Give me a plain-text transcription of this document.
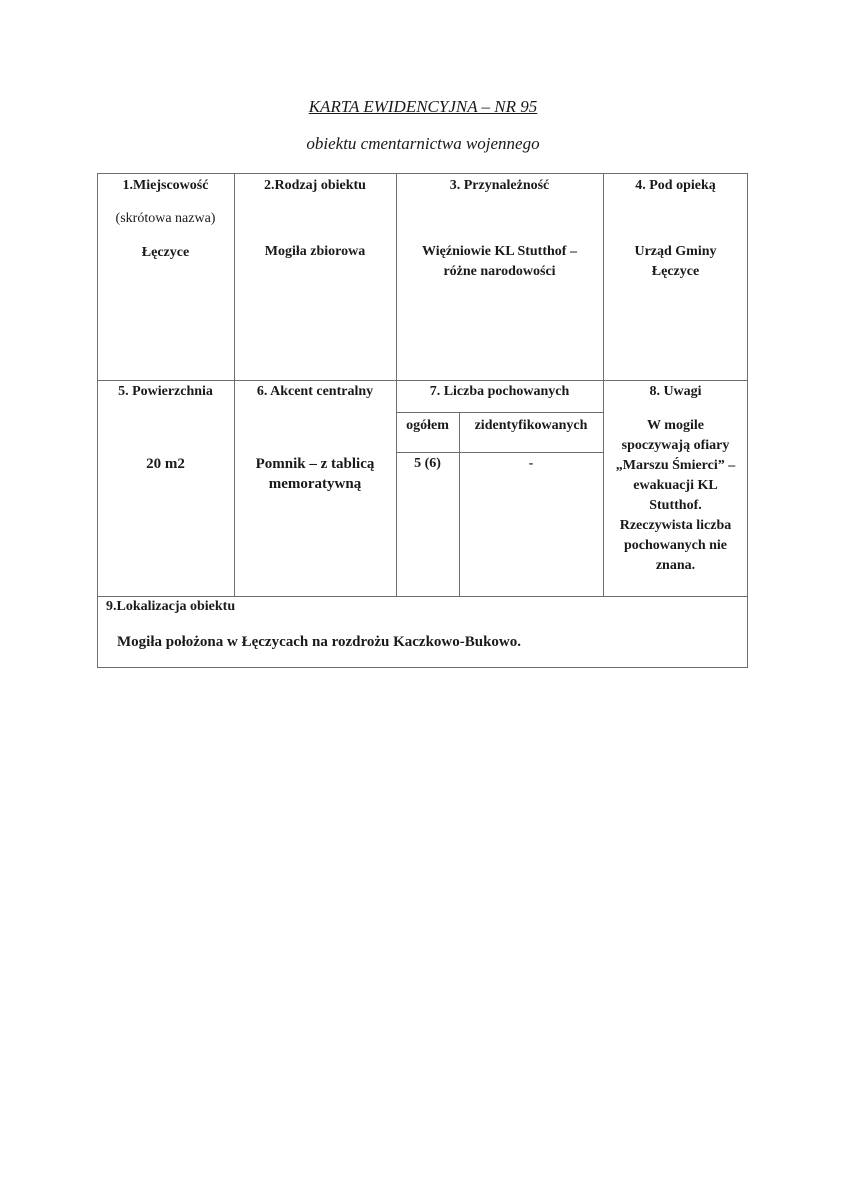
KARTA EWIDENCYJNA – NR 95
obiektu cmentarnictwa wojennego
1.Miejscowość
(skrótowa nazwa)
Łęczyce
2.Rodzaj obiektu
Mogiła zbiorowa
3. Przynależność
Więźniowie KL Stutthof –
różne narodowości
4. Pod opieką
Urząd Gminy
Łęczyce
5. Powierzchnia
20 m2
6. Akcent centralny
Pomnik – z tablicą
memoratywną
7. Liczba pochowanych
ogółem	zidentyfikowanych
5 (6)	-
8. Uwagi
W mogile
spoczywają ofiary
„Marszu Śmierci” –
ewakuacji KL
Stutthof.
Rzeczywista liczba
pochowanych nie
znana.
9.Lokalizacja obiektu
Mogiła położona w Łęczycach na rozdrożu Kaczkowo-Bukowo.
